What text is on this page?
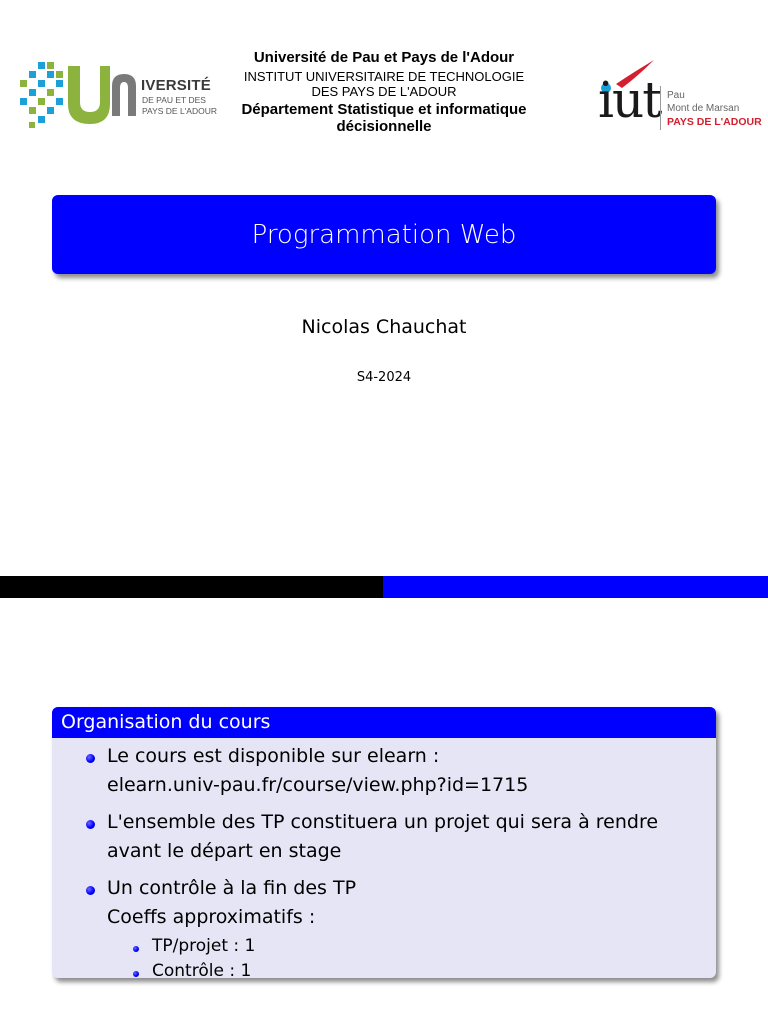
IVERSITÉ
DE PAU ET DES
PAYS DE L'ADOUR
Université de Pau et Pays de l'Adour
INSTITUT UNIVERSITAIRE DE TECHNOLOGIE
DES PAYS DE L'ADOUR
Département Statistique et informatique
décisionnelle	iut Pau
Mont de Marsan
PAYS DE L'ADOUR
Programmation Web
Nicolas Chauchat
S4-2024
Organisation du cours
Le cours est disponible sur elearn :
elearn.univ-pau.fr/course/view.php?id=1715
L'ensemble des TP constituera un projet qui sera à rendre
avant le départ en stage
Un contrôle à la fin des TP
Coeffs approximatifs :
TP/projet : 1
Contrôle : 1
